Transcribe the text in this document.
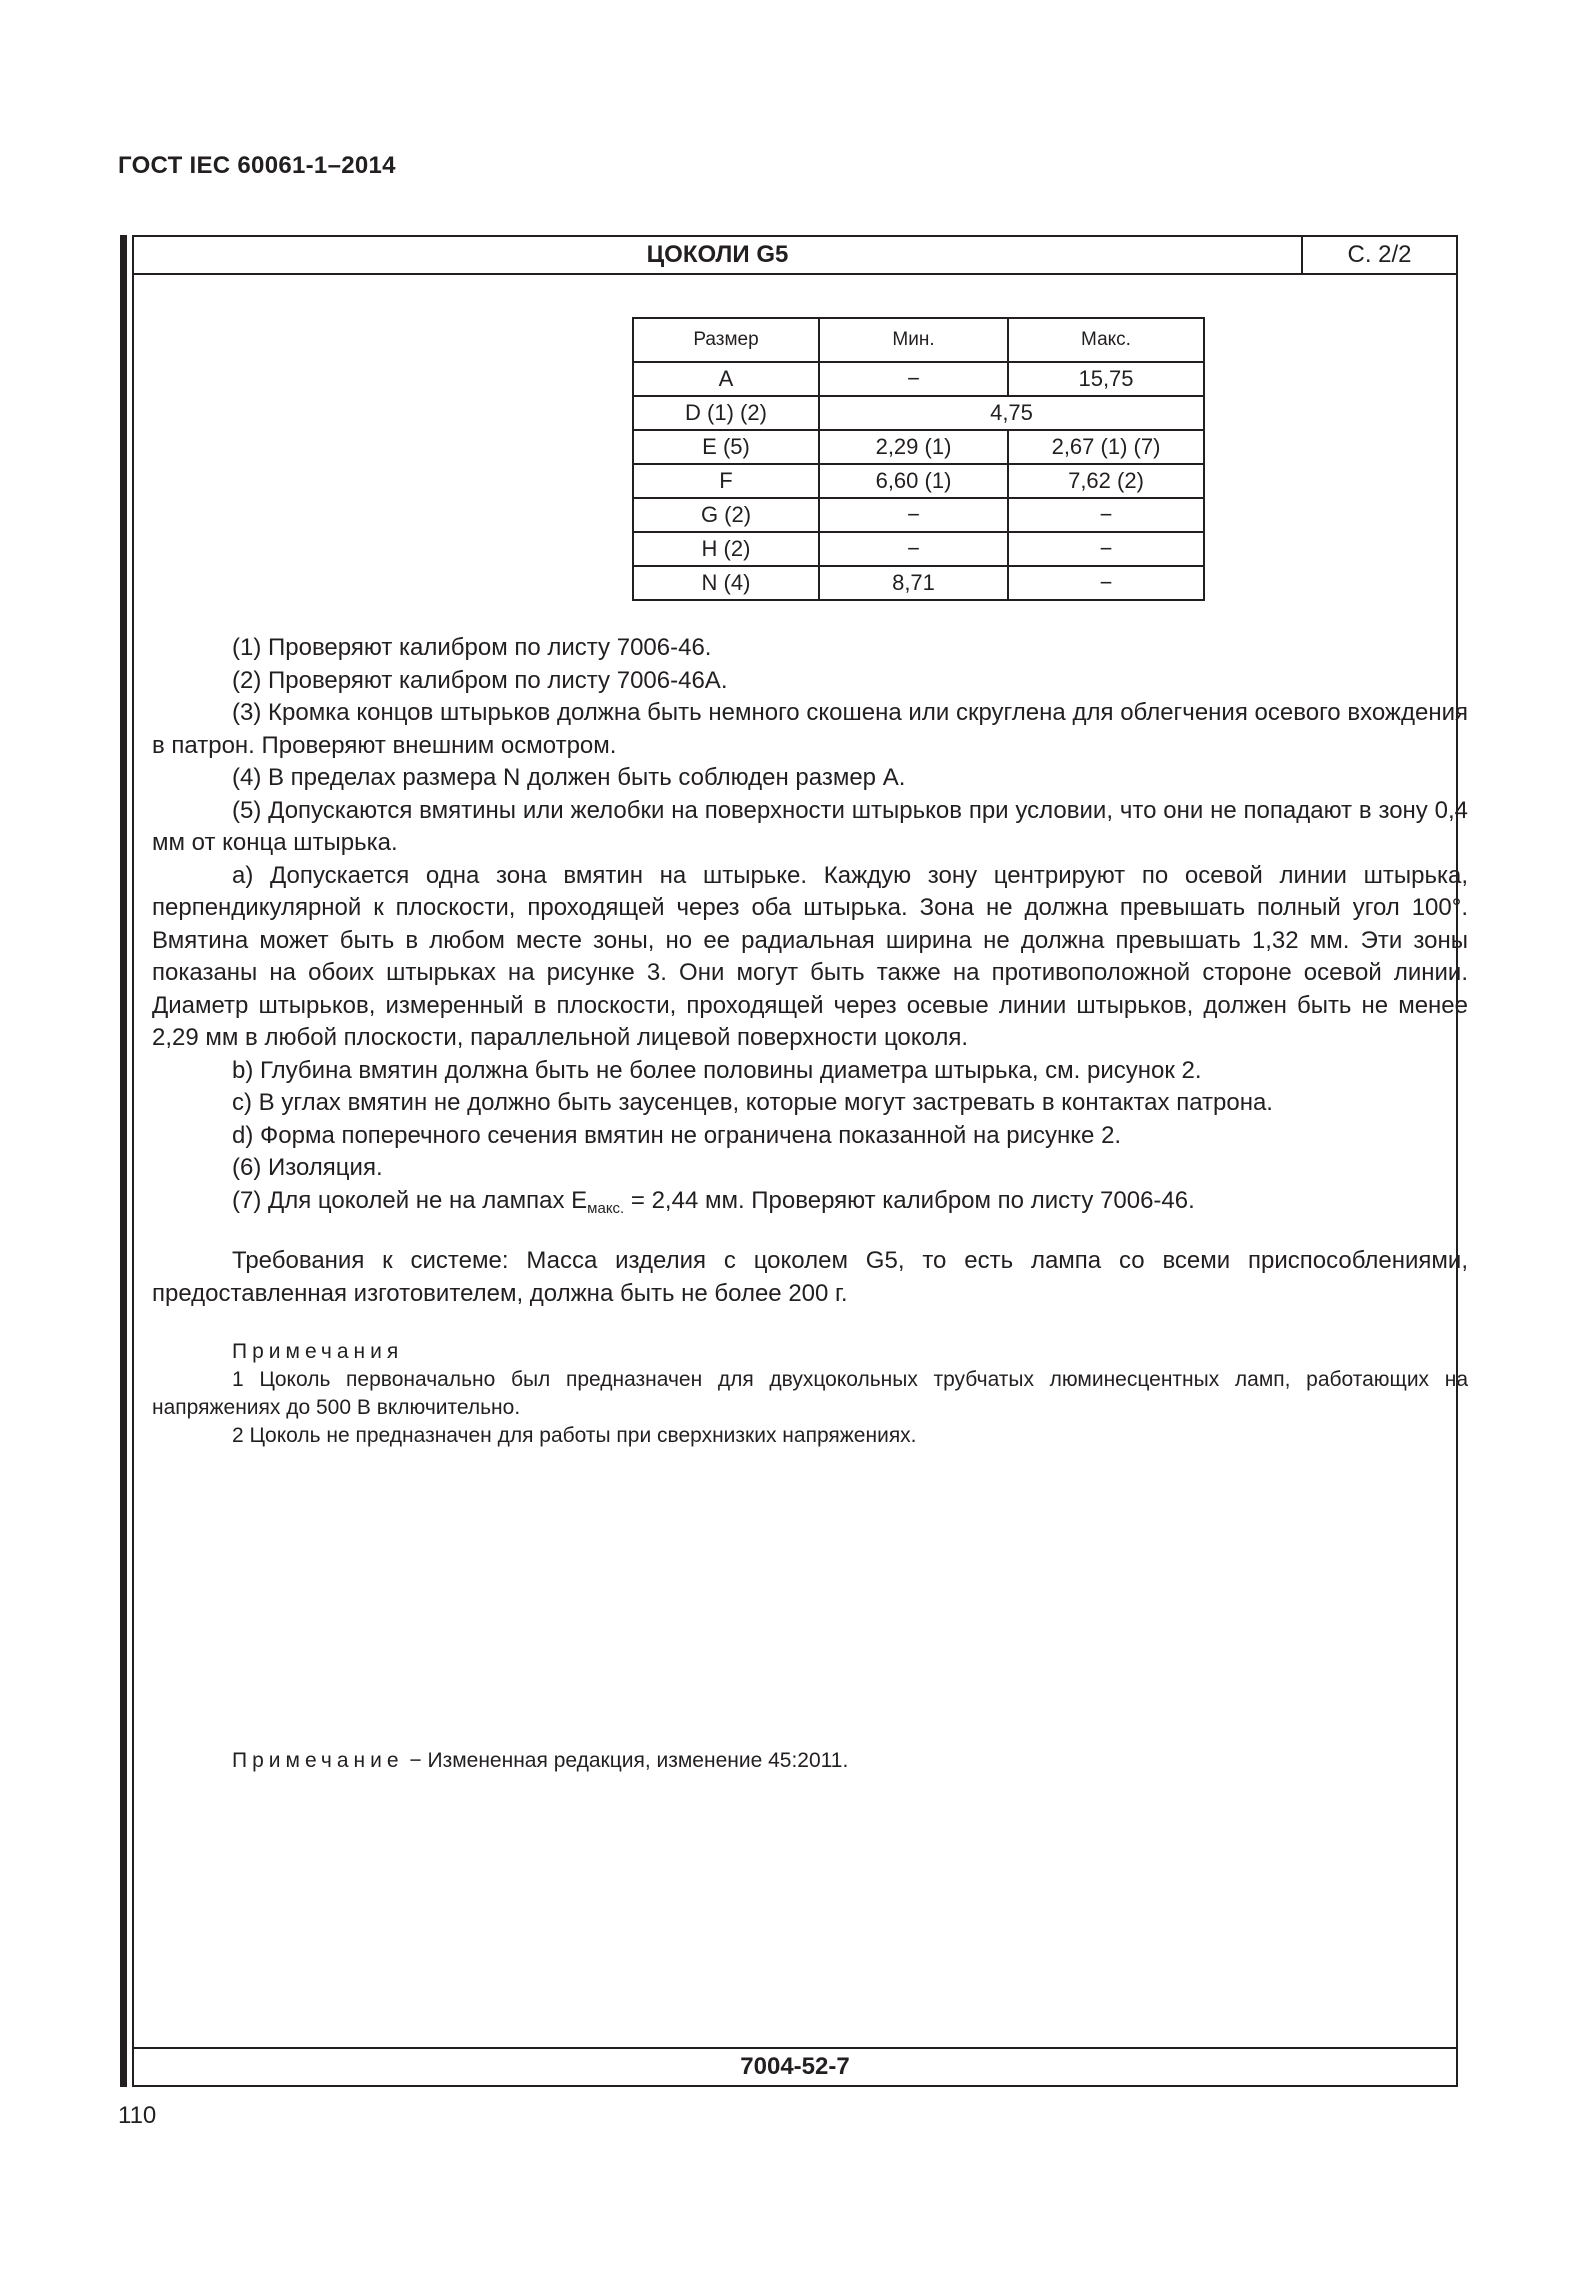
ГОСТ IEC 60061-1–2014
ЦОКОЛИ G5	С. 2/2
Размер	Мин.	Макс.
A	−	15,75
D (1) (2)	4,75	
E (5)	2,29 (1)	2,67 (1) (7)
F	6,60 (1)	7,62 (2)
G (2)	−	−
H (2)	−	−
N (4)	8,71	−

(1) Проверяют калибром по листу 7006-46.

(2) Проверяют калибром по листу 7006-46A.

(3) Кромка концов штырьков должна быть немного скошена или скруглена для облегчения осевого вхождения в патрон. Проверяют внешним осмотром.

(4) В пределах размера N должен быть соблюден размер A.

(5) Допускаются вмятины или желобки на поверхности штырьков при условии, что они не попадают в зону 0,4 мм от конца штырька.

a) Допускается одна зона вмятин на штырьке. Каждую зону центрируют по осевой линии штырька, перпендикулярной к плоскости, проходящей через оба штырька. Зона не должна превышать полный угол 100°. Вмятина может быть в любом месте зоны, но ее радиальная ширина не должна превышать 1,32 мм. Эти зоны показаны на обоих штырьках на рисунке 3. Они могут быть также на противоположной стороне осевой линии. Диаметр штырьков, измеренный в плоскости, проходящей через осевые линии штырьков, должен быть не менее 2,29 мм в любой плоскости, параллельной лицевой поверхности цоколя.

b) Глубина вмятин должна быть не более половины диаметра штырька, см. рисунок 2.

c) В углах вмятин не должно быть заусенцев, которые могут застревать в контактах патрона.

d) Форма поперечного сечения вмятин не ограничена показанной на рисунке 2.

(6) Изоляция.

(7) Для цоколей не на лампах $E_{макс.} = 2,44$ мм. Проверяют калибром по листу 7006-46.

Требования к системе: Масса изделия с цоколем G5, то есть лампа со всеми приспособлениями, предоставленная изготовителем, должна быть не более 200 г.

Примечания

1 Цоколь первоначально был предназначен для двухцокольных трубчатых люминесцентных ламп, работающих на напряжениях до 500 В включительно.

2 Цоколь не предназначен для работы при сверхнизких напряжениях.

Примечание − Измененная редакция, изменение 45:2011.
7004-52-7
110
